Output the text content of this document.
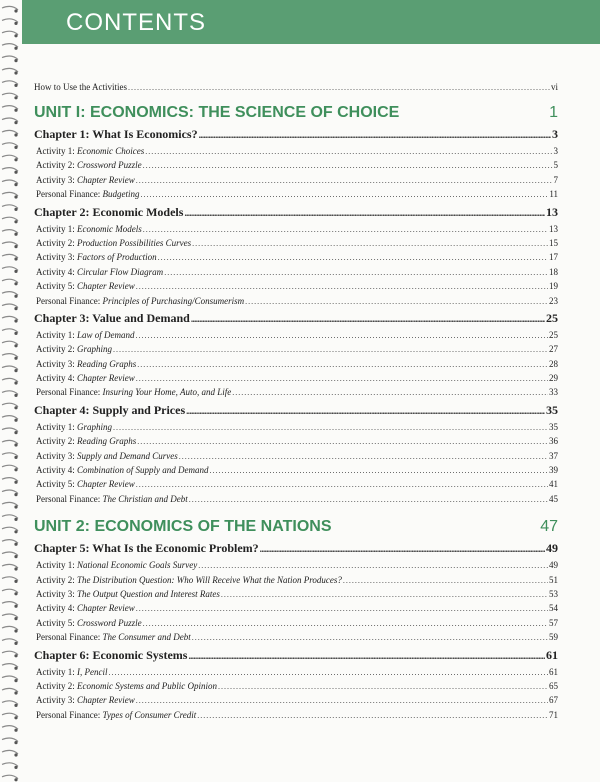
CONTENTS
How to Use the Activities . . .	vi
UNIT I: ECONOMICS: THE SCIENCE OF CHOICE	1
Chapter 1: What Is Economics? .....	3
Activity 1: Economic Choices . . .	3
Activity 2: Crossword Puzzle . . .	5
Activity 3: Chapter Review . . .	7
Personal Finance: Budgeting . . .	11
Chapter 2: Economic Models .....	13
Activity 1: Economic Models . . .	13
Activity 2: Production Possibilities Curves . . .	15
Activity 3: Factors of Production . . .	17
Activity 4: Circular Flow Diagram . . .	18
Activity 5: Chapter Review . . .	19
Personal Finance: Principles of Purchasing/Consumerism . . .	23
Chapter 3: Value and Demand .....	25
Activity 1: Law of Demand . . .	25
Activity 2: Graphing . . .	27
Activity 3: Reading Graphs . . .	28
Activity 4: Chapter Review . . .	29
Personal Finance: Insuring Your Home, Auto, and Life . . .	33
Chapter 4: Supply and Prices .....	35
Activity 1: Graphing . . .	35
Activity 2: Reading Graphs . . .	36
Activity 3: Supply and Demand Curves . . .	37
Activity 4: Combination of Supply and Demand . . .	39
Activity 5: Chapter Review . . .	41
Personal Finance: The Christian and Debt . . .	45
UNIT 2: ECONOMICS OF THE NATIONS	47
Chapter 5: What Is the Economic Problem? .....	49
Activity 1: National Economic Goals Survey . . .	49
Activity 2: The Distribution Question: Who Will Receive What the Nation Produces? . . .	51
Activity 3: The Output Question and Interest Rates . . .	53
Activity 4: Chapter Review . . .	54
Activity 5: Crossword Puzzle . . .	57
Personal Finance: The Consumer and Debt . . .	59
Chapter 6: Economic Systems .....	61
Activity 1: I, Pencil . . .	61
Activity 2: Economic Systems and Public Opinion . . .	65
Activity 3: Chapter Review . . .	67
Personal Finance: Types of Consumer Credit . . .	71
